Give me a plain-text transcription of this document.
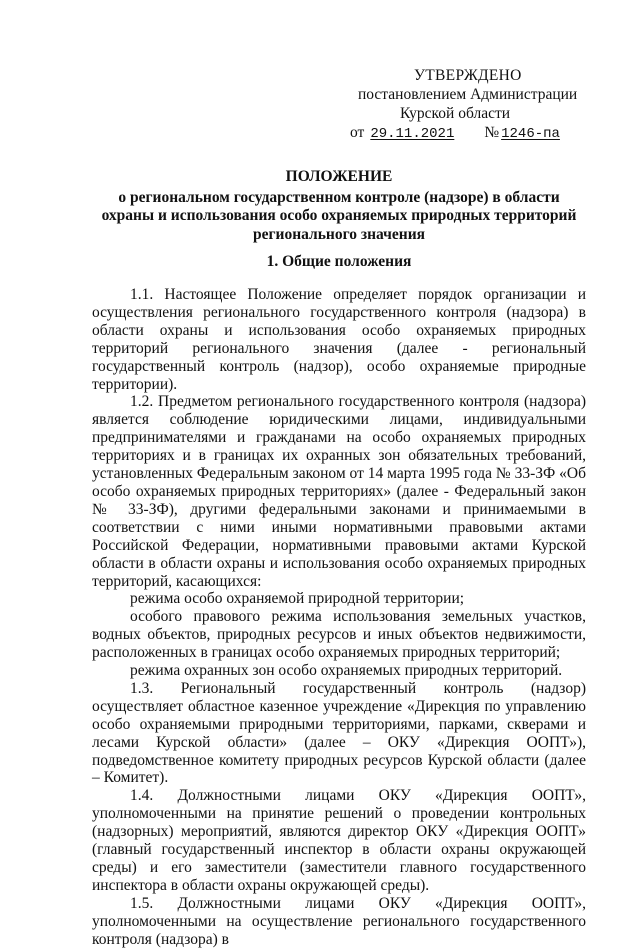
УТВЕРЖДЕНО
постановлением Администрации
Курской области
от 29.11.2021 № 1246-па
ПОЛОЖЕНИЕ
о региональном государственном контроле (надзоре) в области охраны и использования особо охраняемых природных территорий регионального значения
1. Общие положения

1.1. Настоящее Положение определяет порядок организации и осуществления регионального государственного контроля (надзора) в области охраны и использования особо охраняемых природных территорий регионального значения (далее - региональный государственный контроль (надзор), особо охраняемые природные территории).

1.2. Предметом регионального государственного контроля (надзора) является соблюдение юридическими лицами, индивидуальными предпринимателями и гражданами на особо охраняемых природных территориях и в границах их охранных зон обязательных требований, установленных Федеральным законом от 14 марта 1995 года № 33-ЗФ «Об особо охраняемых природных территориях» (далее - Федеральный закон № 33-ЗФ), другими федеральными законами и принимаемыми в соответствии с ними иными нормативными правовыми актами Российской Федерации, нормативными правовыми актами Курской области в области охраны и использования особо охраняемых природных территорий, касающихся:

режима особо охраняемой природной территории;

особого правового режима использования земельных участков, водных объектов, природных ресурсов и иных объектов недвижимости, расположенных в границах особо охраняемых природных территорий;

режима охранных зон особо охраняемых природных территорий.

1.3. Региональный государственный контроль (надзор) осуществляет областное казенное учреждение «Дирекция по управлению особо охраняемыми природными территориями, парками, скверами и лесами Курской области» (далее – ОКУ «Дирекция ООПТ»), подведомственное комитету природных ресурсов Курской области (далее – Комитет).

1.4. Должностными лицами ОКУ «Дирекция ООПТ», уполномоченными на принятие решений о проведении контрольных (надзорных) мероприятий, являются директор ОКУ «Дирекция ООПТ» (главный государственный инспектор в области охраны окружающей среды) и его заместители (заместители главного государственного инспектора в области охраны окружающей среды).

1.5. Должностными лицами ОКУ «Дирекция ООПТ», уполномоченными на осуществление регионального государственного контроля (надзора) в
